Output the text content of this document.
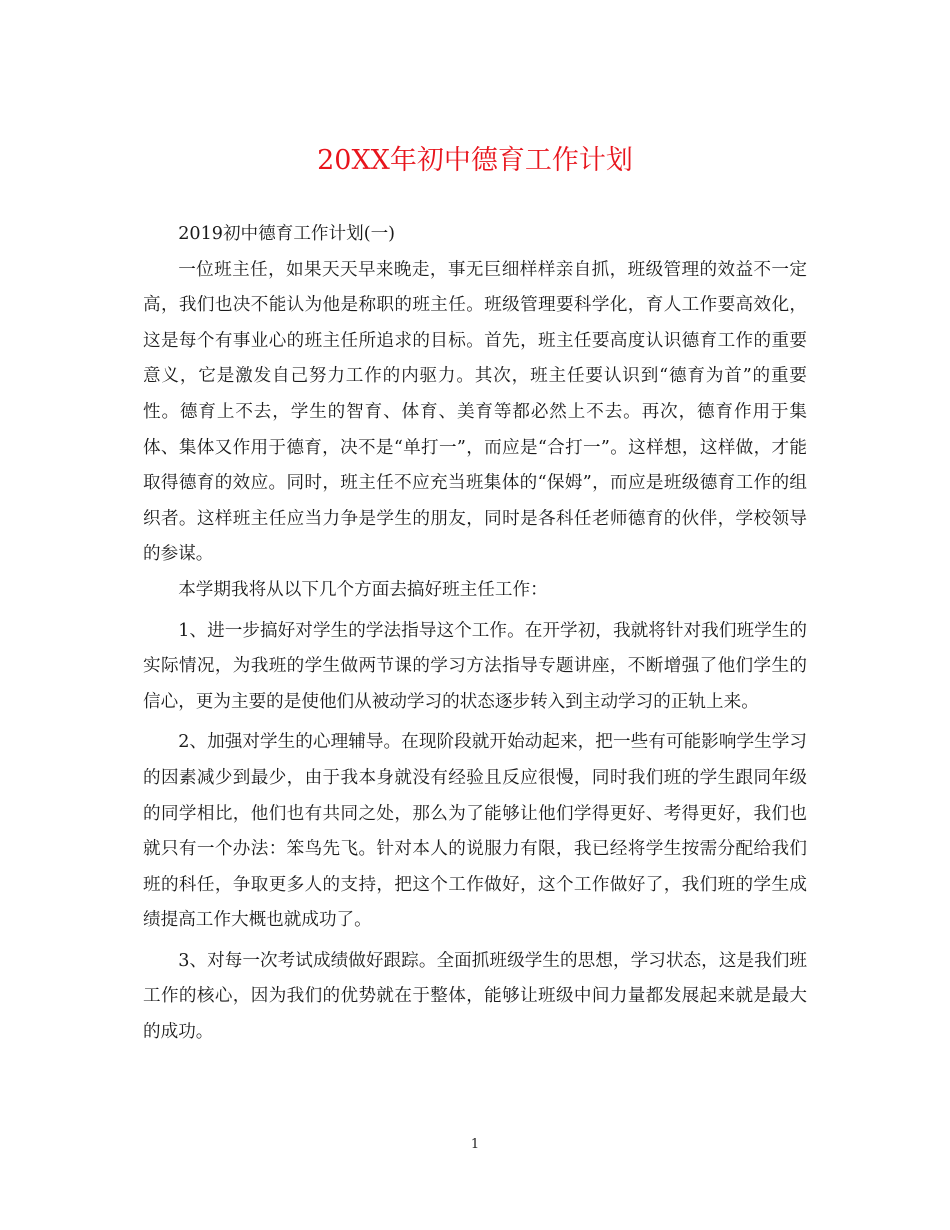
20XX年初中德育工作计划

2019初中德育工作计划(一)

一位班主任，如果天天早来晚走，事无巨细样样亲自抓，班级管理的效益不一定高，我们也决不能认为他是称职的班主任。班级管理要科学化，育人工作要高效化，这是每个有事业心的班主任所追求的目标。首先，班主任要高度认识德育工作的重要意义，它是激发自己努力工作的内驱力。其次，班主任要认识到“德育为首”的重要性。德育上不去，学生的智育、体育、美育等都必然上不去。再次，德育作用于集体、集体又作用于德育，决不是“单打一”，而应是“合打一”。这样想，这样做，才能取得德育的效应。同时，班主任不应充当班集体的“保姆”，而应是班级德育工作的组织者。这样班主任应当力争是学生的朋友，同时是各科任老师德育的伙伴，学校领导的参谋。

本学期我将从以下几个方面去搞好班主任工作：

1、进一步搞好对学生的学法指导这个工作。在开学初，我就将针对我们班学生的实际情况，为我班的学生做两节课的学习方法指导专题讲座，不断增强了他们学生的信心，更为主要的是使他们从被动学习的状态逐步转入到主动学习的正轨上来。

2、加强对学生的心理辅导。在现阶段就开始动起来，把一些有可能影响学生学习的因素减少到最少，由于我本身就没有经验且反应很慢，同时我们班的学生跟同年级的同学相比，他们也有共同之处，那么为了能够让他们学得更好、考得更好，我们也就只有一个办法：笨鸟先飞。针对本人的说服力有限，我已经将学生按需分配给我们班的科任，争取更多人的支持，把这个工作做好，这个工作做好了，我们班的学生成绩提高工作大概也就成功了。

3、对每一次考试成绩做好跟踪。全面抓班级学生的思想，学习状态，这是我们班工作的核心，因为我们的优势就在于整体，能够让班级中间力量都发展起来就是最大的成功。

1
